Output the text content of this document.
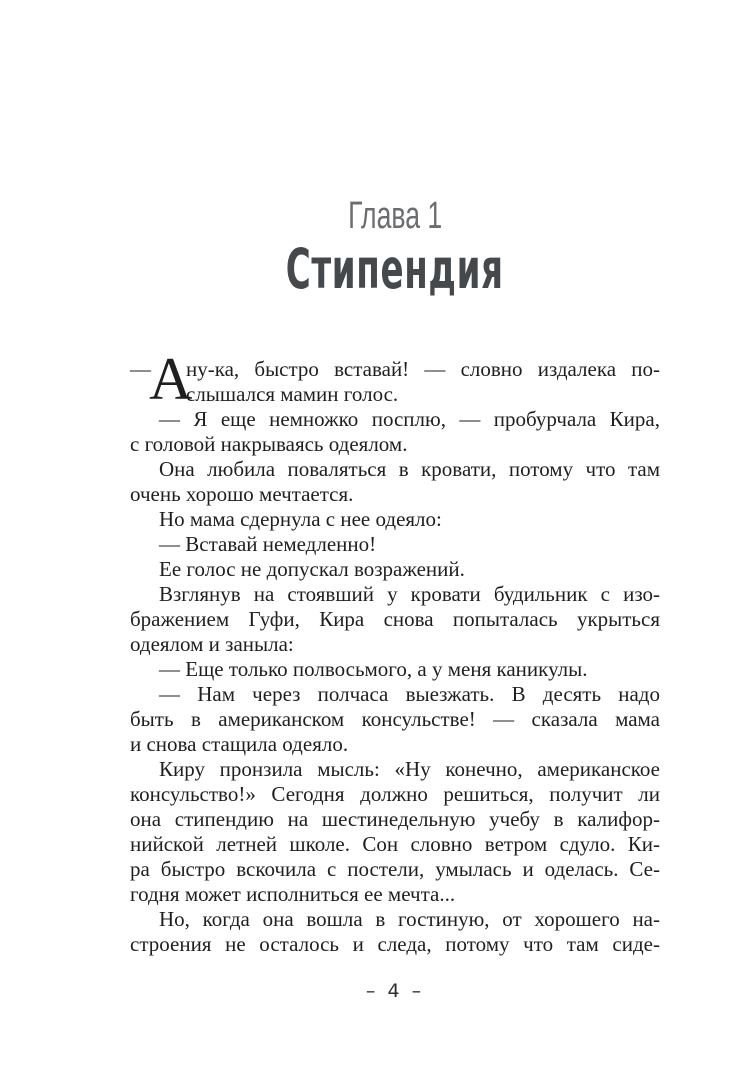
Глава 1
Стипендия
—
А
ну-ка, быстро вставай! — словно издалека по-
слышался мамин голос.
— Я еще немножко посплю, — пробурчала Кира,
с головой накрываясь одеялом.
Она любила поваляться в кровати, потому что там
очень хорошо мечтается.
Но мама сдернула с нее одеяло:
— Вставай немедленно!
Ее голос не допускал возражений.
Взглянув на стоявший у кровати будильник с изо-
бражением Гуфи, Кира снова попыталась укрыться
одеялом и заныла:
— Еще только полвосьмого, а у меня каникулы.
— Нам через полчаса выезжать. В десять надо
быть в американском консульстве! — сказала мама
и снова стащила одеяло.
Киру пронзила мысль: «Ну конечно, американское
консульство!» Сегодня должно решиться, получит ли
она стипендию на шестинедельную учебу в калифор-
нийской летней школе. Сон словно ветром сдуло. Ки-
ра быстро вскочила с постели, умылась и оделась. Се-
годня может исполниться ее мечта...
Но, когда она вошла в гостиную, от хорошего на-
строения не осталось и следа, потому что там сиде-
– 4 –
